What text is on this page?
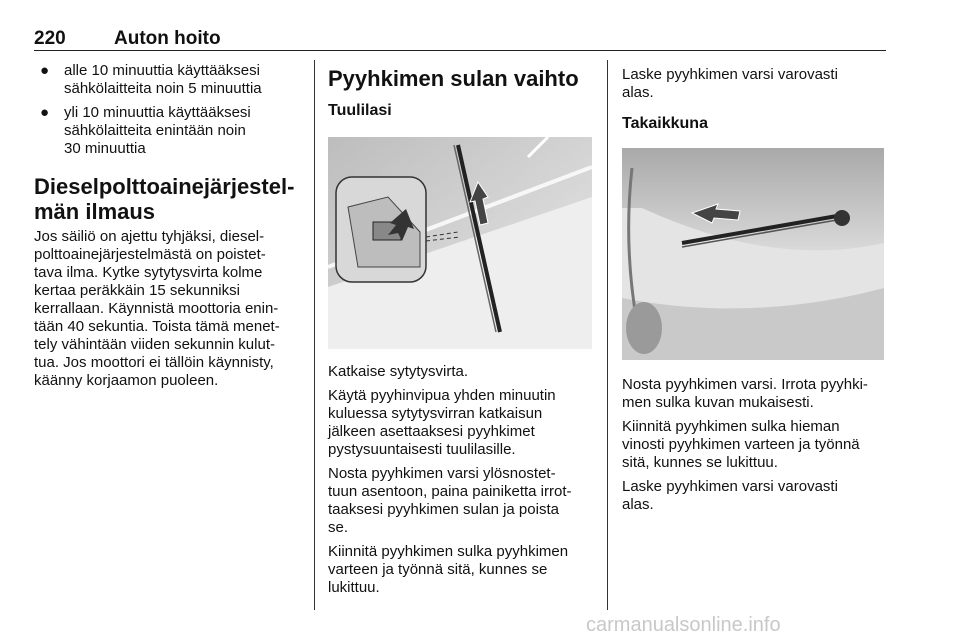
220	Auton hoito
● alle 10 minuuttia käyttääksesi
sähkölaitteita noin 5 minuuttia
● yli 10 minuuttia käyttääksesi
sähkölaitteita enintään noin
30 minuuttia
Dieselpolttoainejärjestel-
män ilmaus

Jos säiliö on ajettu tyhjäksi, diesel-
polttoainejärjestelmästä on poistet-
tava ilma. Kytke sytytysvirta kolme
kertaa peräkkäin 15 sekunniksi
kerrallaan. Käynnistä moottoria enin-
tään 40 sekuntia. Toista tämä menet-
tely vähintään viiden sekunnin kulut-
tua. Jos moottori ei tällöin käynnisty,
käänny korjaamon puoleen.

Pyyhkimen sulan vaihto
Tuulilasi

Katkaise sytytysvirta.

Käytä pyyhinvipua yhden minuutin
kuluessa sytytysvirran katkaisun
jälkeen asettaaksesi pyyhkimet
pystysuuntaisesti tuulilasille.

Nosta pyyhkimen varsi ylösnostet-
tuun asentoon, paina painiketta irrot-
taaksesi pyyhkimen sulan ja poista
se.

Kiinnitä pyyhkimen sulka pyyhkimen
varteen ja työnnä sitä, kunnes se
lukittuu.

Laske pyyhkimen varsi varovasti
alas.

Takaikkuna

Nosta pyyhkimen varsi. Irrota pyyhki-
men sulka kuvan mukaisesti.

Kiinnitä pyyhkimen sulka hieman
vinosti pyyhkimen varteen ja työnnä
sitä, kunnes se lukittuu.

Laske pyyhkimen varsi varovasti
alas.

carmanualsonline.info
